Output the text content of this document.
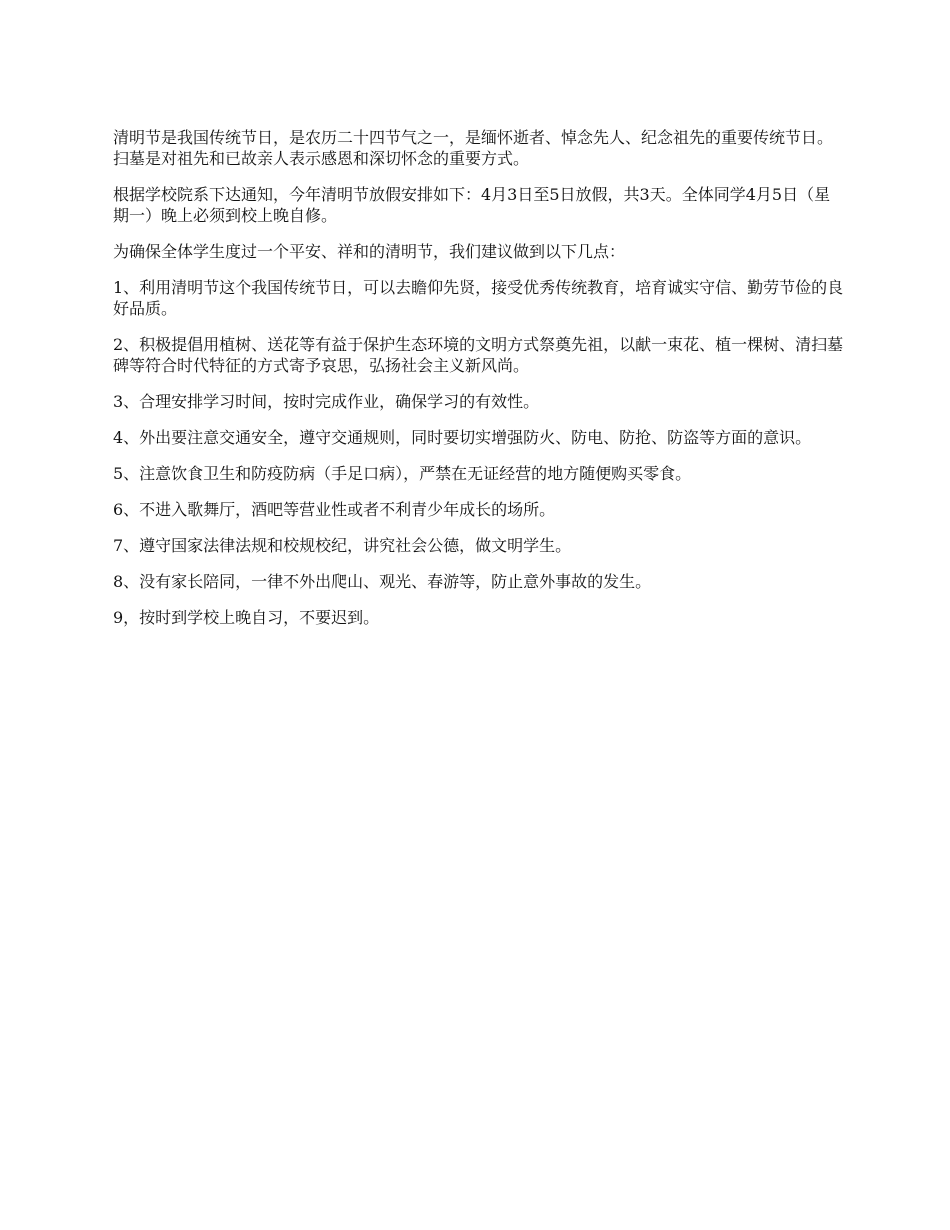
清明节是我国传统节日，是农历二十四节气之一，是缅怀逝者、悼念先人、纪念祖先的重要传统节日。扫墓是对祖先和已故亲人表示感恩和深切怀念的重要方式。

根据学校院系下达通知，今年清明节放假安排如下：4月3日至5日放假，共3天。全体同学4月5日（星期一）晚上必须到校上晚自修。

为确保全体学生度过一个平安、祥和的清明节，我们建议做到以下几点：

1、利用清明节这个我国传统节日，可以去瞻仰先贤，接受优秀传统教育，培育诚实守信、勤劳节俭的良好品质。

2、积极提倡用植树、送花等有益于保护生态环境的文明方式祭奠先祖，以献一束花、植一棵树、清扫墓碑等符合时代特征的方式寄予哀思，弘扬社会主义新风尚。

3、合理安排学习时间，按时完成作业，确保学习的有效性。

4、外出要注意交通安全，遵守交通规则，同时要切实增强防火、防电、防抢、防盗等方面的意识。

5、注意饮食卫生和防疫防病（手足口病），严禁在无证经营的地方随便购买零食。

6、不进入歌舞厅，酒吧等营业性或者不利青少年成长的场所。

7、遵守国家法律法规和校规校纪，讲究社会公德，做文明学生。

8、没有家长陪同，一律不外出爬山、观光、春游等，防止意外事故的发生。

9，按时到学校上晚自习，不要迟到。
